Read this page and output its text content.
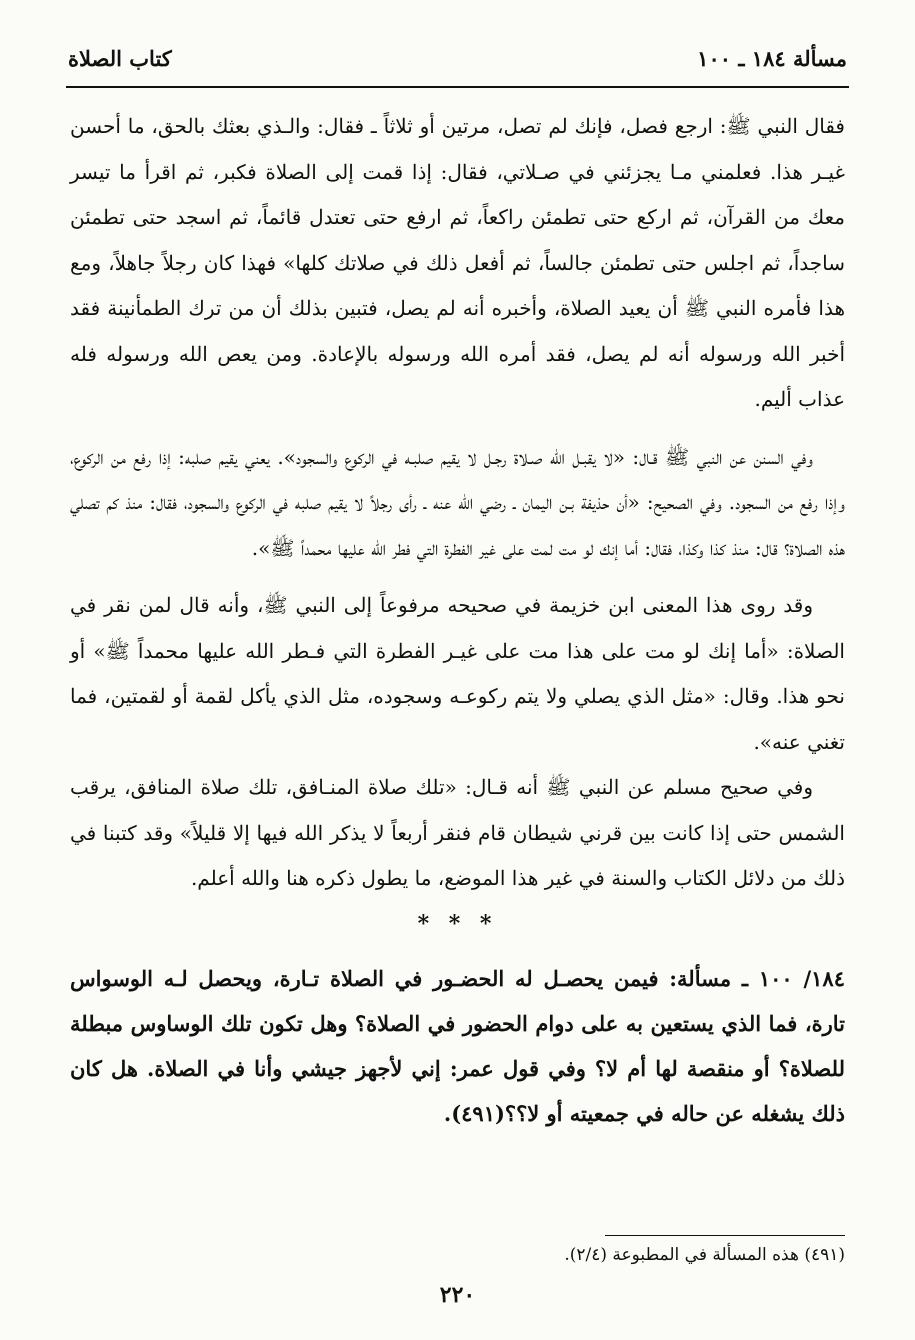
مسألة ١٨٤ ـ ١٠٠
كتاب الصلاة

فقال النبي ﷺ: ارجع فصل، فإنك لم تصل، مرتين أو ثلاثاً ـ فقال: والـذي بعثك بالحق، ما أحسن غيـر هذا. فعلمني مـا يجزئني في صـلاتي، فقال: إذا قمت إلى الصلاة فكبر، ثم اقرأ ما تيسر معك من القرآن، ثم اركع حتى تطمئن راكعاً، ثم ارفع حتى تعتدل قائماً، ثم اسجد حتى تطمئن ساجداً، ثم اجلس حتى تطمئن جالساً، ثم أفعل ذلك في صلاتك كلها» فهذا كان رجلاً جاهلاً، ومع هذا فأمره النبي ﷺ أن يعيد الصلاة، وأخبره أنه لم يصل، فتبين بذلك أن من ترك الطمأنينة فقد أخبر الله ورسوله أنه لم يصل، فقد أمره الله ورسوله بالإعادة. ومن يعص الله ورسوله فله عذاب أليم.

وفي السنن عن النبي ﷺ قـال: «لا يقبـل الله صـلاة رجـل لا يقيم صلبـه في الركوع والسجود». يعني يقيم صلبه: إذا رفع من الركوع، وإذا رفع من السجود. وفي الصحيح: «أن حذيفة بـن اليمان ـ رضي الله عنه ـ رأى رجلاً لا يقيم صلبه في الركوع والسجود، فقال: منذ كم تصلي هذه الصلاة؟ قال: منذ كذا وكذا، فقال: أما إنك لو مت لمت على غير الفطرة التي فطر الله عليها محمداً ﷺ».

وقد روى هذا المعنى ابن خزيمة في صحيحه مرفوعاً إلى النبي ﷺ، وأنه قال لمن نقر في الصلاة: «أما إنك لو مت على هذا مت على غيـر الفطرة التي فـطر الله عليها محمداً ﷺ» أو نحو هذا. وقال: «مثل الذي يصلي ولا يتم ركوعـه وسجوده، مثل الذي يأكل لقمة أو لقمتين، فما تغني عنه».

وفي صحيح مسلم عن النبي ﷺ أنه قـال: «تلك صلاة المنـافق، تلك صلاة المنافق، يرقب الشمس حتى إذا كانت بين قرني شيطان قام فنقر أربعاً لا يذكر الله فيها إلا قليلاً» وقد كتبنا في ذلك من دلائل الكتاب والسنة في غير هذا الموضع، ما يطول ذكره هنا والله أعلم.

* * *

١٨٤/ ١٠٠ ـ مسألة: فيمن يحصـل له الحضـور في الصلاة تـارة، ويحصل لـه الوسواس تارة، فما الذي يستعين به على دوام الحضور في الصلاة؟ وهل تكون تلك الوساوس مبطلة للصلاة؟ أو منقصة لها أم لا؟ وفي قول عمر: إني لأجهز جيشي وأنا في الصلاة. هل كان ذلك يشغله عن حاله في جمعيته أو لا؟؟(٤٩١).

(٤٩١) هذه المسألة في المطبوعة (٢/٤).
٢٢٠
